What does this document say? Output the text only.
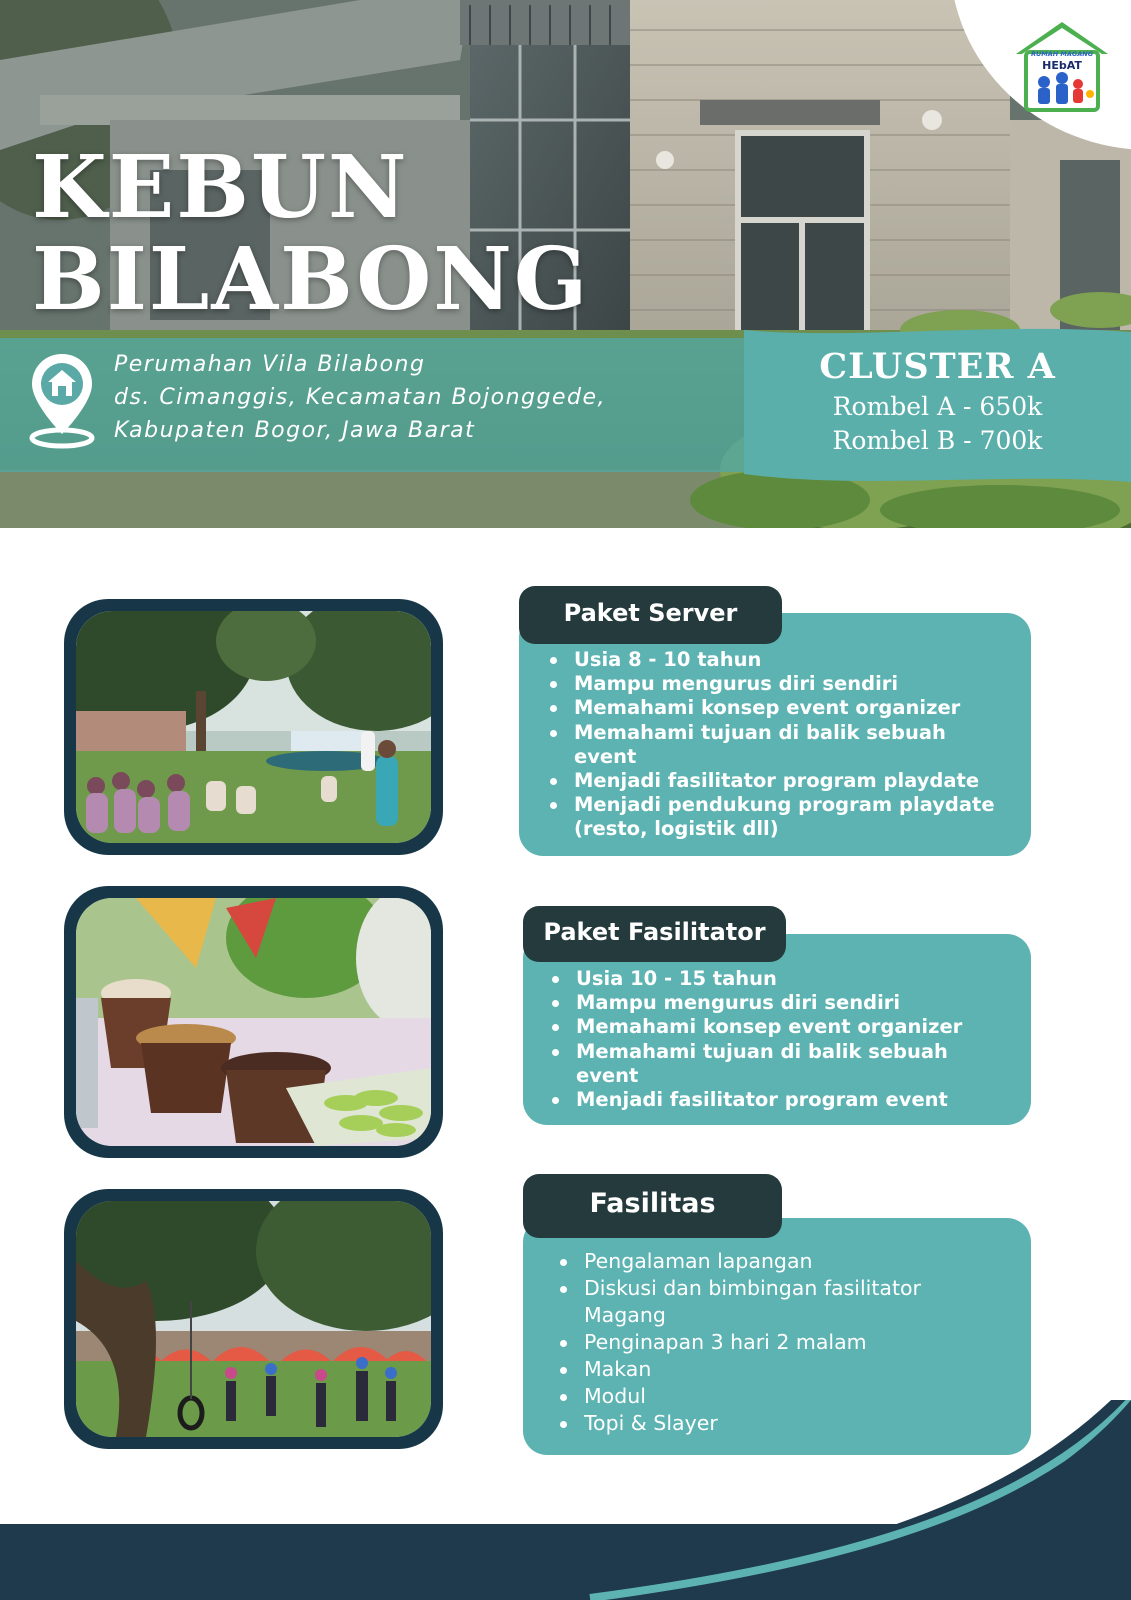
RUMAH MAGANG
HEbAT
KEBUN
BILABONG
Perumahan Vila Bilabong
ds. Cimanggis, Kecamatan Bojonggede,
Kabupaten Bogor, Jawa Barat
CLUSTER A
Rombel A - 650k
Rombel B - 700k
Paket Server
Usia 8 - 10 tahun
Mampu mengurus diri sendiri
Memahami konsep event organizer
Memahami tujuan di balik sebuah event
Menjadi fasilitator program playdate
Menjadi pendukung program playdate (resto, logistik dll)
Paket Fasilitator
Usia 10 - 15 tahun
Mampu mengurus diri sendiri
Memahami konsep event organizer
Memahami tujuan di balik sebuah event
Menjadi fasilitator program event
Fasilitas
Pengalaman lapangan
Diskusi dan bimbingan fasilitator Magang
Penginapan 3 hari 2 malam
Makan
Modul
Topi & Slayer
